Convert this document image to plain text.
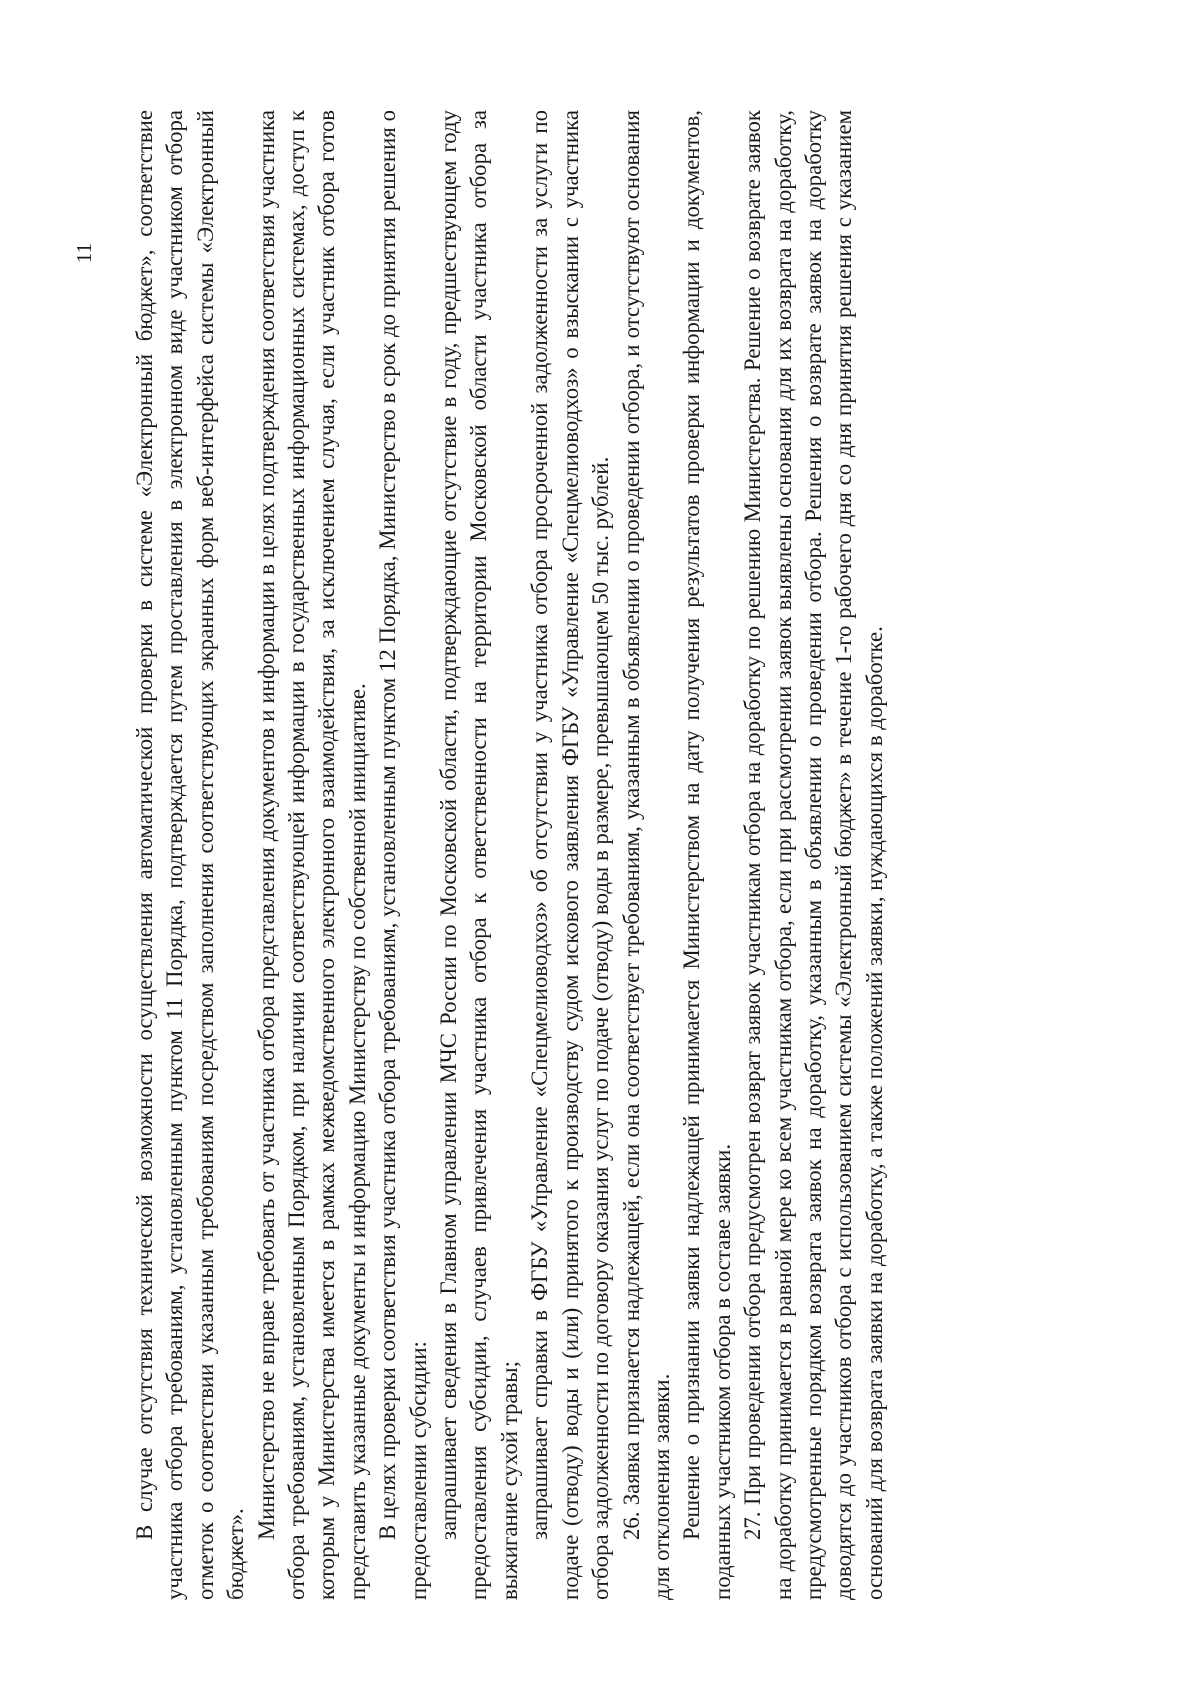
11 В случае отсутствия технической возможности осуществления автоматической проверки в системе «Электронный бюджет», соответствие участника отбора требованиям, установленным пунктом 11 Порядка, подтверждается путем проставления в электронном виде участником отбора отметок о соответствии указанным требованиям посредством заполнения соответствующих экранных форм веб-интерфейса системы «Электронный бюджет».

Министерство не вправе требовать от участника отбора представления документов и информации в целях подтверждения соответствия участника отбора требованиям, установленным Порядком, при наличии соответствующей информации в государственных информационных системах, доступ к которым у Министерства имеется в рамках межведомственного электронного взаимодействия, за исключением случая, если участник отбора готов представить указанные документы и информацию Министерству по собственной инициативе. В целях проверки соответствия участника отбора требованиям, установленным пунктом 12 Порядка, Министерство в срок до принятия решения о предоставлении субсидии: запрашивает сведения в Главном управлении МЧС России по Московской области, подтверждающие отсутствие в году, предшествующем году предоставления субсидии, случаев привлечения участника отбора к ответственности на территории Московской области участника отбора за выжигание сухой травы; запрашивает справки в ФГБУ «Управление «Спецмелиоводхоз» об отсутствии у участника отбора просроченной задолженности за услуги по подаче (отводу) воды и (или) принятого к производству судом искового заявления ФГБУ «Управление «Спецмелиоводхоз» о взыскании с участника отбора задолженности по договору оказания услуг по подаче (отводу) воды в размере, превышающем 50 тыс. рублей. 26. Заявка признается надлежащей, если она соответствует требованиям, указанным в объявлении о проведении отбора, и отсутствуют основания для отклонения заявки. Решение о признании заявки надлежащей принимается Министерством на дату получения результатов проверки информации и документов, поданных участником отбора в составе заявки. 27. При проведении отбора предусмотрен возврат заявок участникам отбора на доработку по решению Министерства. Решение о возврате заявок на доработку принимается в равной мере ко всем участникам отбора, если при рассмотрении заявок выявлены основания для их возврата на доработку, предусмотренные порядком возврата заявок на доработку, указанным в объявлении о проведении отбора. Решения о возврате заявок на доработку доводятся до участников отбора с использованием системы «Электронный бюджет» в течение 1-го рабочего дня со дня принятия решения с указанием оснований для возврата заявки на доработку, а также положений заявки, нуждающихся в доработке.
